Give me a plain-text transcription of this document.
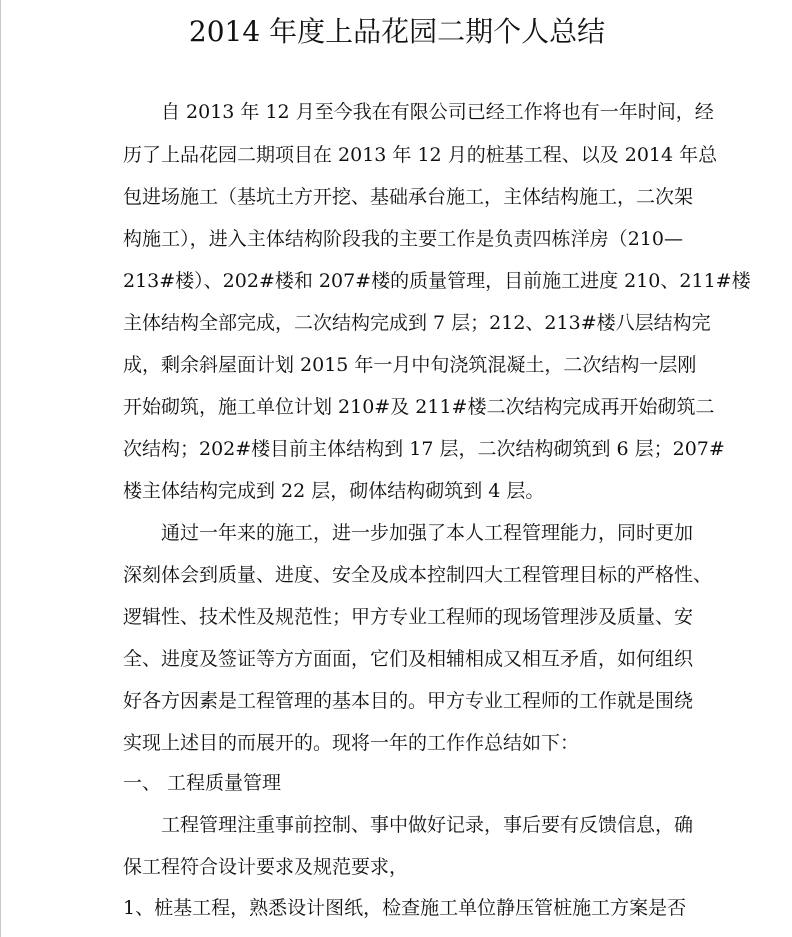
2014 年度上品花园二期个人总结
自 2013 年 12 月至今我在有限公司已经工作将也有一年时间，经
历了上品花园二期项目在 2013 年 12 月的桩基工程、以及 2014 年总
包进场施工（基坑土方开挖、基础承台施工，主体结构施工，二次架
构施工），进入主体结构阶段我的主要工作是负责四栋洋房（210—
213#楼）、202#楼和 207#楼的质量管理，目前施工进度 210、211#楼
主体结构全部完成，二次结构完成到 7 层；212、213#楼八层结构完
成，剩余斜屋面计划 2015 年一月中旬浇筑混凝土，二次结构一层刚
开始砌筑，施工单位计划 210#及 211#楼二次结构完成再开始砌筑二
次结构；202#楼目前主体结构到 17 层，二次结构砌筑到 6 层；207#
楼主体结构完成到 22 层，砌体结构砌筑到 4 层。
通过一年来的施工，进一步加强了本人工程管理能力，同时更加
深刻体会到质量、进度、安全及成本控制四大工程管理目标的严格性、
逻辑性、技术性及规范性；甲方专业工程师的现场管理涉及质量、安
全、进度及签证等方方面面，它们及相辅相成又相互矛盾，如何组织
好各方因素是工程管理的基本目的。甲方专业工程师的工作就是围绕
实现上述目的而展开的。现将一年的工作作总结如下：
一、 工程质量管理
工程管理注重事前控制、事中做好记录，事后要有反馈信息，确
保工程符合设计要求及规范要求，
1、桩基工程，熟悉设计图纸，检查施工单位静压管桩施工方案是否
